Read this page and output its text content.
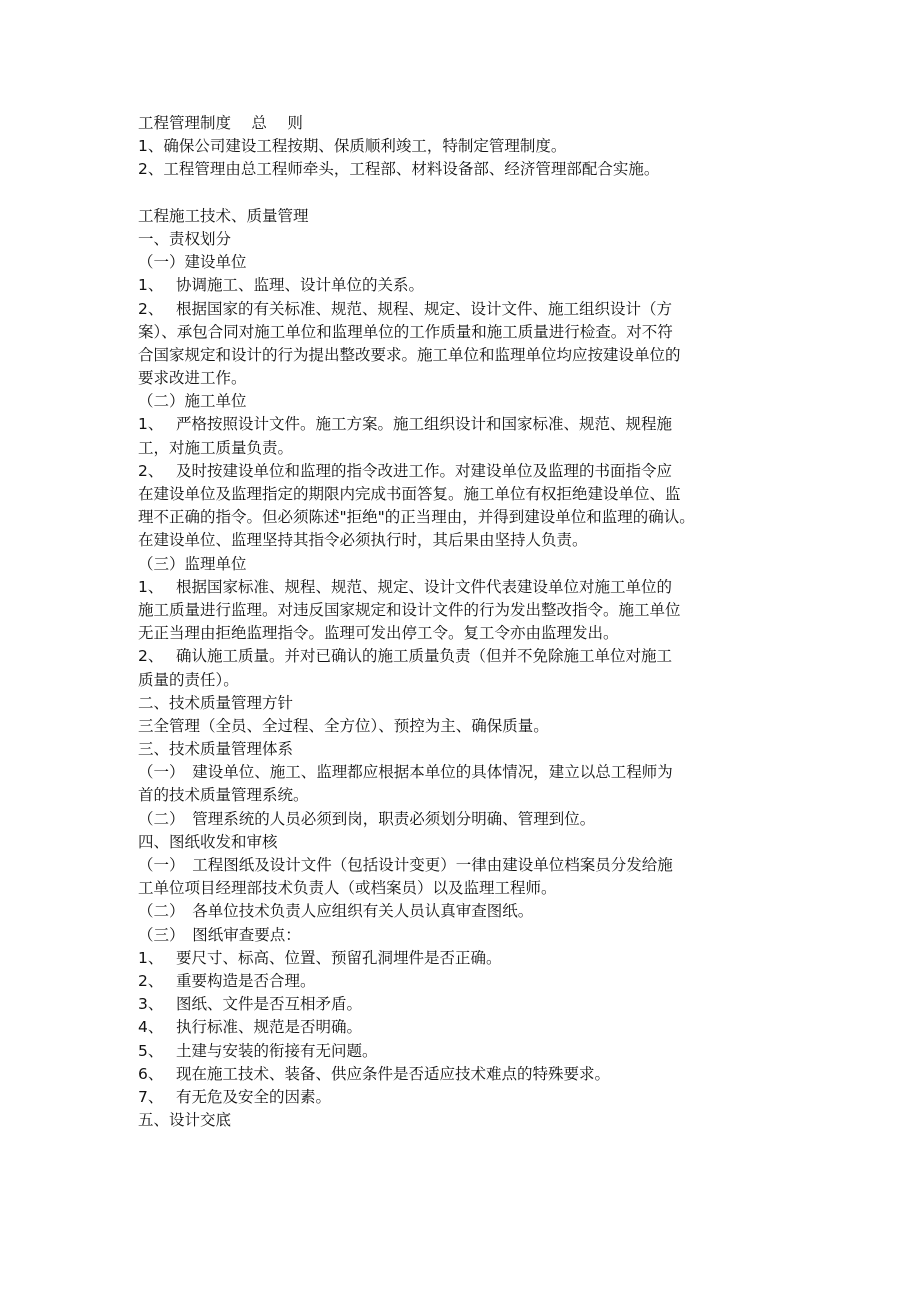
工程管理制度　 总　 则
1、确保公司建设工程按期、保质顺利竣工，特制定管理制度。
2、工程管理由总工程师牵头，工程部、材料设备部、经济管理部配合实施。
工程施工技术、质量管理
一、责权划分
（一）建设单位
1、　 协调施工、监理、设计单位的关系。
2、　 根据国家的有关标准、规范、规程、规定、设计文件、施工组织设计（方
案）、承包合同对施工单位和监理单位的工作质量和施工质量进行检查。对不符
合国家规定和设计的行为提出整改要求。施工单位和监理单位均应按建设单位的
要求改进工作。
（二）施工单位
1、　 严格按照设计文件。施工方案。施工组织设计和国家标准、规范、规程施
工，对施工质量负责。
2、　 及时按建设单位和监理的指令改进工作。对建设单位及监理的书面指令应
在建设单位及监理指定的期限内完成书面答复。施工单位有权拒绝建设单位、监
理不正确的指令。但必须陈述"拒绝"的正当理由，并得到建设单位和监理的确认。
在建设单位、监理坚持其指令必须执行时，其后果由坚持人负责。
（三）监理单位
1、　 根据国家标准、规程、规范、规定、设计文件代表建设单位对施工单位的
施工质量进行监理。对违反国家规定和设计文件的行为发出整改指令。施工单位
无正当理由拒绝监理指令。监理可发出停工令。复工令亦由监理发出。
2、　 确认施工质量。并对已确认的施工质量负责（但并不免除施工单位对施工
质量的责任）。
二、技术质量管理方针
三全管理（全员、全过程、全方位）、预控为主、确保质量。
三、技术质量管理体系
（一）　建设单位、施工、监理都应根据本单位的具体情况，建立以总工程师为
首的技术质量管理系统。
（二）　管理系统的人员必须到岗，职责必须划分明确、管理到位。
四、图纸收发和审核
（一）　工程图纸及设计文件（包括设计变更）一律由建设单位档案员分发给施
工单位项目经理部技术负责人（或档案员）以及监理工程师。
（二）　各单位技术负责人应组织有关人员认真审查图纸。
（三）　图纸审查要点：
1、　 要尺寸、标高、位置、预留孔洞埋件是否正确。
2、　 重要构造是否合理。
3、　 图纸、文件是否互相矛盾。
4、　 执行标准、规范是否明确。
5、　 土建与安装的衔接有无问题。
6、　 现在施工技术、装备、供应条件是否适应技术难点的特殊要求。
7、　 有无危及安全的因素。
五、设计交底
